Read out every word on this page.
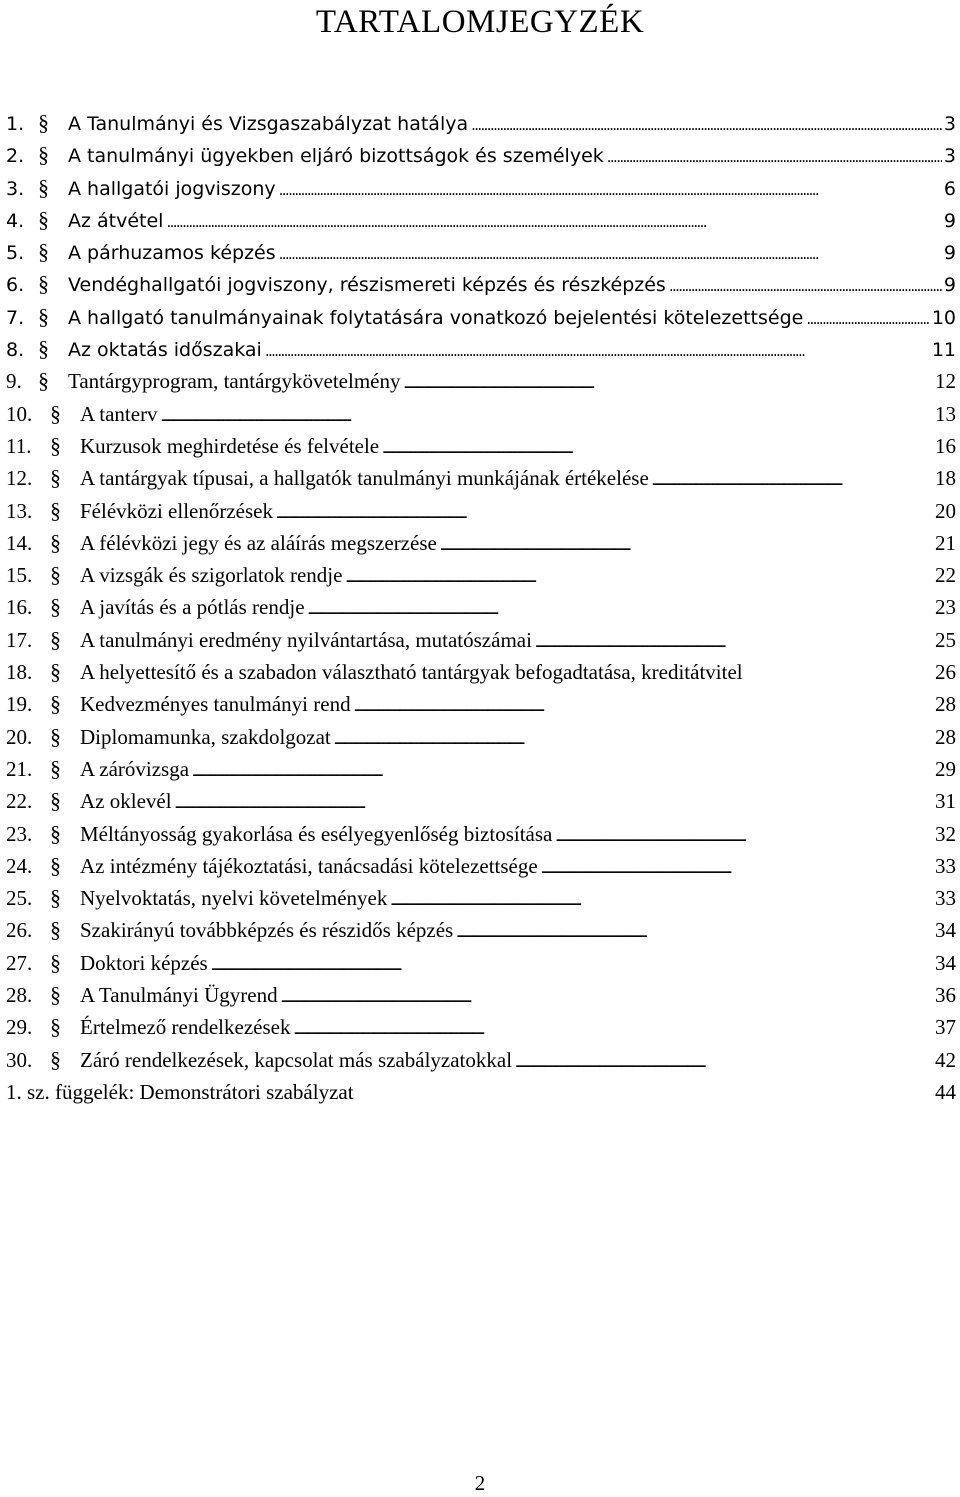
TARTALOMJEGYZÉK
1. §	A Tanulmányi és Vizsgaszabályzat hatálya . . .	3
2. §	A tanulmányi ügyekben eljáró bizottságok és személyek . . .	3
3. §	A hallgatói jogviszony . . .	6
4. §	Az átvétel . . .	9
5. §	A párhuzamos képzés . . .	9
6. §	Vendéghallgatói jogviszony, részismereti képzés és részképzés . . .	9
7. §	A hallgató tanulmányainak folytatására vonatkozó bejelentési kötelezettsége . . .	10
8. §	Az oktatás időszakai . . .	11
9. § Tantárgyprogram, tantárgykövetelmény . . .	12
10. § A tanterv . . .	13
11. § Kurzusok meghirdetése és felvétele . . .	16
12. § A tantárgyak típusai, a hallgatók tanulmányi munkájának értékelése . . .	18
13. § Félévközi ellenőrzések . . .	20
14. § A félévközi jegy és az aláírás megszerzése . . .	21
15. § A vizsgák és szigorlatok rendje . . .	22
16. § A javítás és a pótlás rendje . . .	23
17. § A tanulmányi eredmény nyilvántartása, mutatószámai . . .	25
18. § A helyettesítő és a szabadon választható tantárgyak befogadtatása, kreditátvitel	26
19. § Kedvezményes tanulmányi rend . . .	28
20. § Diplomamunka, szakdolgozat . . .	28
21. § A záróvizsga . . .	29
22. § Az oklevél . . .	31
23. § Méltányosság gyakorlása és esélyegyenlőség biztosítása . . .	32
24. § Az intézmény tájékoztatási, tanácsadási kötelezettsége . . .	33
25. § Nyelvoktatás, nyelvi követelmények . . .	33
26. § Szakirányú továbbképzés és részidős képzés . . .	34
27. § Doktori képzés . . .	34
28. § A Tanulmányi Ügyrend . . .	36
29. § Értelmező rendelkezések . . .	37
30. § Záró rendelkezések, kapcsolat más szabályzatokkal . . .	42
1. sz. függelék: Demonstrátori szabályzat	44
2
